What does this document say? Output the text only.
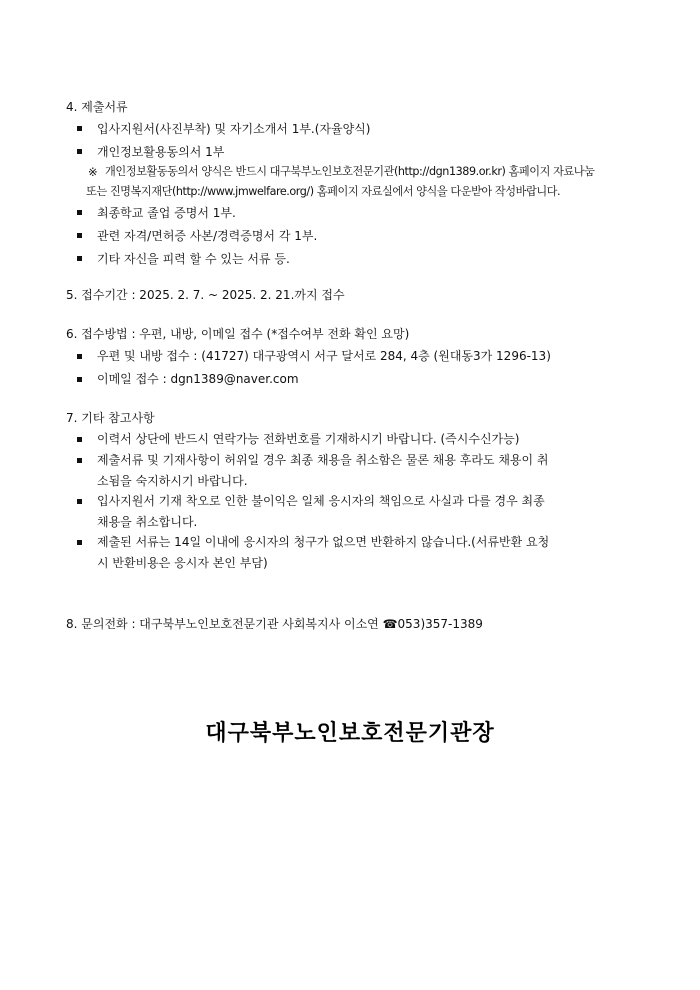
4. 제출서류
입사지원서(사진부착) 및 자기소개서 1부.(자율양식)
개인정보활용동의서 1부
※ 개인정보활동동의서 양식은 반드시 대구북부노인보호전문기관(http://dgn1389.or.kr) 홈페이지 자료나눔
또는 진명복지재단(http://www.jmwelfare.org/) 홈페이지 자료실에서 양식을 다운받아 작성바랍니다.
최종학교 졸업 증명서 1부.
관련 자격/면허증 사본/경력증명서 각 1부.
기타 자신을 피력 할 수 있는 서류 등.
5. 접수기간 : 2025. 2. 7. ~ 2025. 2. 21.까지 접수
6. 접수방법 : 우편, 내방, 이메일 접수 (*접수여부 전화 확인 요망)
우편 및 내방 접수 : (41727) 대구광역시 서구 달서로 284, 4층 (원대동3가 1296-13)
이메일 접수 : dgn1389@naver.com
7. 기타 참고사항
이력서 상단에 반드시 연락가능 전화번호를 기재하시기 바랍니다. (즉시수신가능)
제출서류 및 기재사항이 허위일 경우 최종 채용을 취소함은 물론 채용 후라도 채용이 취
소됨을 숙지하시기 바랍니다.
입사지원서 기재 착오로 인한 불이익은 일체 응시자의 책임으로 사실과 다를 경우 최종
채용을 취소합니다.
제출된 서류는 14일 이내에 응시자의 청구가 없으면 반환하지 않습니다.(서류반환 요청
시 반환비용은 응시자 본인 부담)
8. 문의전화 : 대구북부노인보호전문기관 사회복지사 이소연 ☎053)357-1389
대구북부노인보호전문기관장
